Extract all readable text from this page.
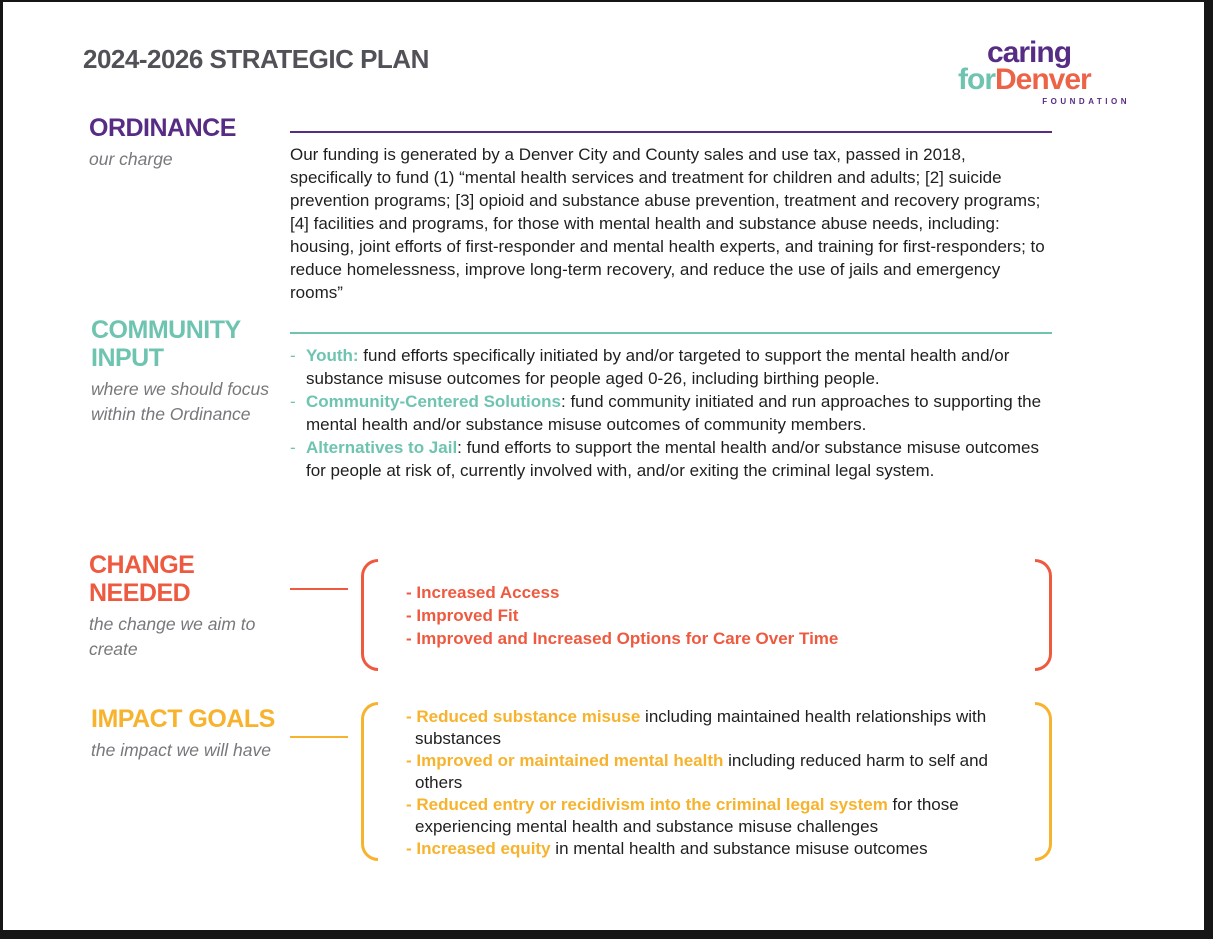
2024-2026 STRATEGIC PLAN	caring
forDenver
FOUNDATION
ORDINANCE
our charge	Our funding is generated by a Denver City and County sales and use tax, passed in 2018, specifically to fund (1) “mental health services and treatment for children and adults; [2] suicide prevention programs; [3] opioid and substance abuse prevention, treatment and recovery programs; [4] facilities and programs, for those with mental health and substance abuse needs, including: housing, joint efforts of first-responder and mental health experts, and training for first-responders; to reduce homelessness, improve long-term recovery, and reduce the use of jails and emergency rooms”

COMMUNITY INPUT
where we should focus within the Ordinance
- Youth: fund efforts specifically initiated by and/or targeted to support the mental health and/or substance misuse outcomes for people aged 0-26, including birthing people.
- Community-Centered Solutions: fund community initiated and run approaches to supporting the mental health and/or substance misuse outcomes of community members.
- Alternatives to Jail: fund efforts to support the mental health and/or substance misuse outcomes for people at risk of, currently involved with, and/or exiting the criminal legal system.
CHANGE NEEDED
the change we aim to create
- Increased Access
- Improved Fit
- Improved and Increased Options for Care Over Time
IMPACT GOALS
the impact we will have
- Reduced substance misuse including maintained health relationships with substances
- Improved or maintained mental health including reduced harm to self and others
- Reduced entry or recidivism into the criminal legal system for those experiencing mental health and substance misuse challenges
- Increased equity in mental health and substance misuse outcomes
